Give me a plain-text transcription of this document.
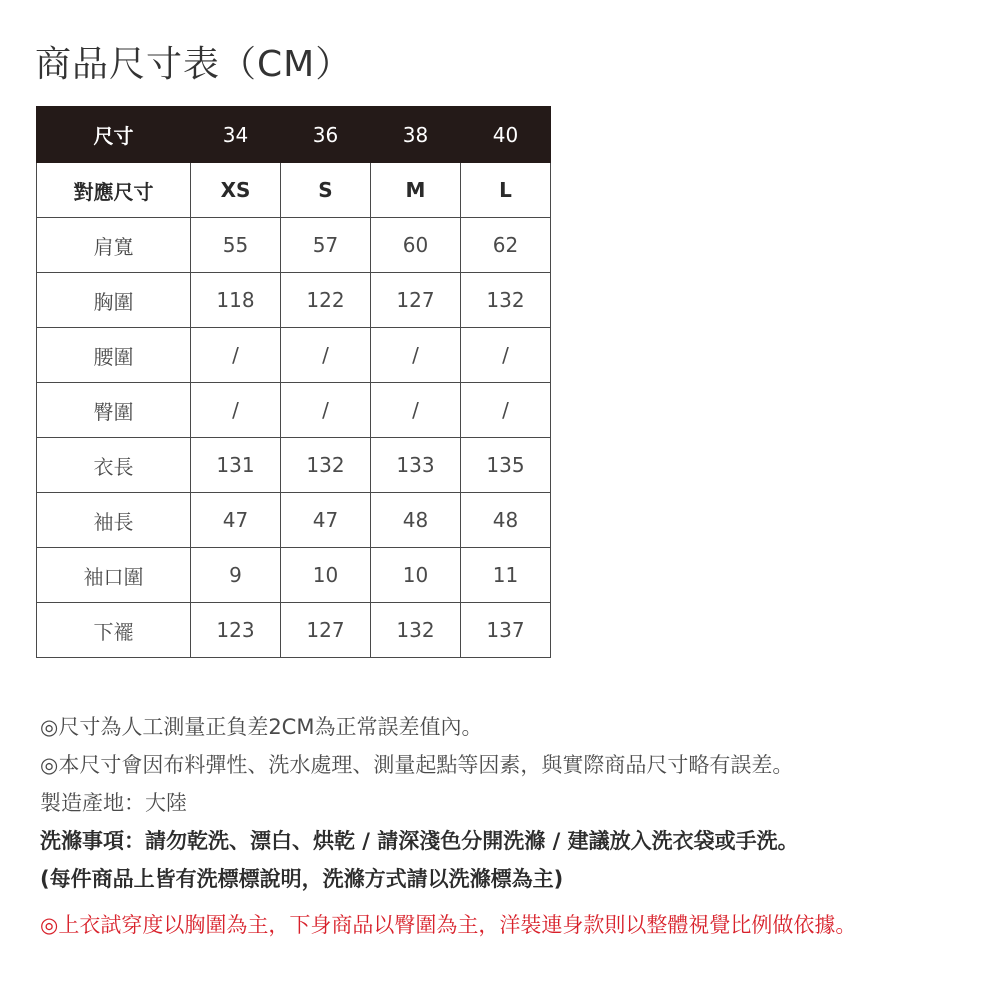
商品尺寸表（CM）
尺寸	34	36	38	40
對應尺寸	XS	S	M	L
肩寬	55	57	60	62
胸圍	118	122	127	132
腰圍	/	/	/	/
臀圍	/	/	/	/
衣長	131	132	133	135
袖長	47	47	48	48
袖口圍	9	10	10	11
下襬	123	127	132	137
◎尺寸為人工測量正負差2CM為正常誤差值內。
◎本尺寸會因布料彈性、洗水處理、測量起點等因素，與實際商品尺寸略有誤差。
製造產地：大陸
洗滌事項：請勿乾洗、漂白、烘乾 / 請深淺色分開洗滌 / 建議放入洗衣袋或手洗。
(每件商品上皆有洗標標說明，洗滌方式請以洗滌標為主)
◎上衣試穿度以胸圍為主，下身商品以臀圍為主，洋裝連身款則以整體視覺比例做依據。
